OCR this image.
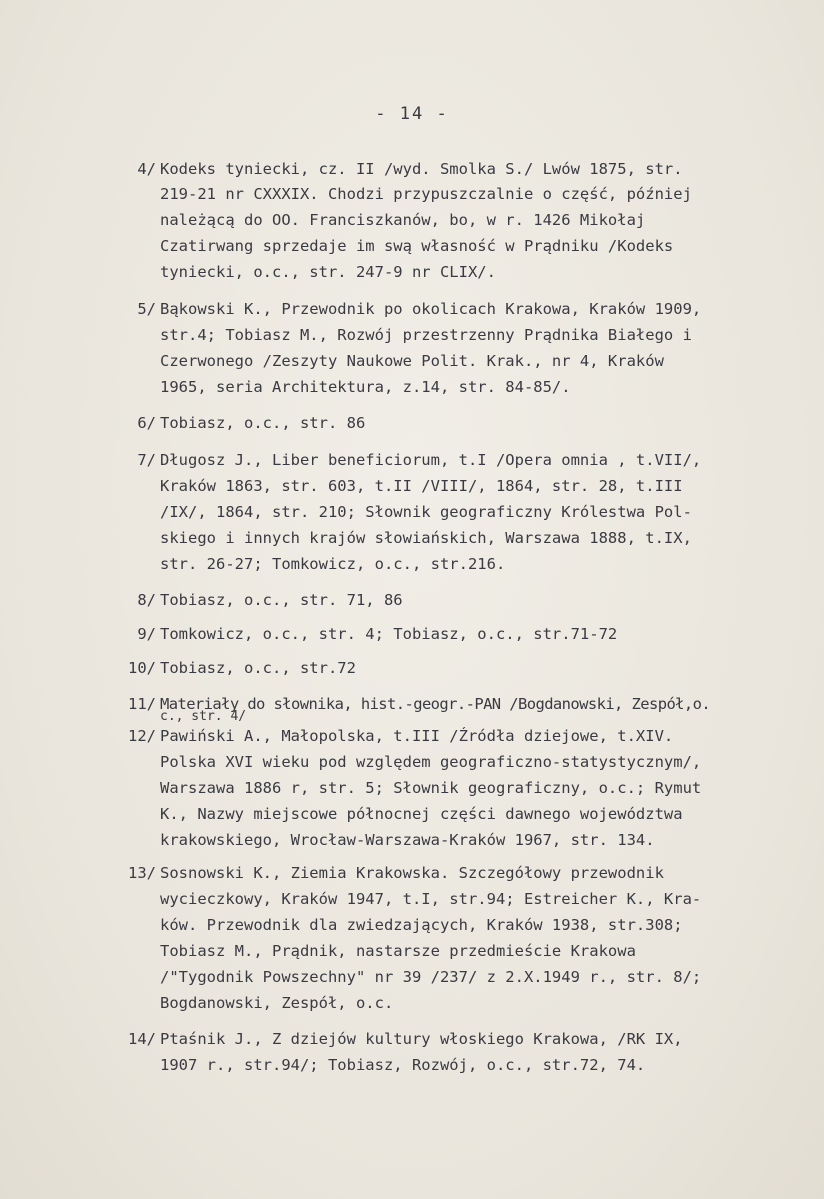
- 14 -
4/ Kodeks tyniecki, cz. II /wyd. Smolka S./ Lwów 1875, str.
219-21 nr CXXXIX. Chodzi przypuszczalnie o część, później
należącą do OO. Franciszkanów, bo, w r. 1426 Mikołaj
Czatirwang sprzedaje im swą własność w Prądniku /Kodeks
tyniecki, o.c., str. 247-9 nr CLIX/.
5/ Bąkowski K., Przewodnik po okolicach Krakowa, Kraków 1909,
str.4; Tobiasz M., Rozwój przestrzenny Prądnika Białego i
Czerwonego /Zeszyty Naukowe Polit. Krak., nr 4, Kraków
1965, seria Architektura, z.14, str. 84-85/.
6/ Tobiasz, o.c., str. 86
7/ Długosz J., Liber beneficiorum, t.I /Opera omnia , t.VII/,
Kraków 1863, str. 603, t.II /VIII/, 1864, str. 28, t.III
/IX/, 1864, str. 210; Słownik geograficzny Królestwa Pol-
skiego i innych krajów słowiańskich, Warszawa 1888, t.IX,
str. 26-27; Tomkowicz, o.c., str.216.
8/ Tobiasz, o.c., str. 71, 86
9/ Tomkowicz, o.c., str. 4; Tobiasz, o.c., str.71-72
10/ Tobiasz, o.c., str.72
11/ Materiały do słownika, hist.-geogr.-PAN /Bogdanowski, Zespół,o.
c., str. 4/
12/ Pawiński A., Małopolska, t.III /Źródła dziejowe, t.XIV.
Polska XVI wieku pod względem geograficzno-statystycznym/,
Warszawa 1886 r, str. 5; Słownik geograficzny, o.c.; Rymut
K., Nazwy miejscowe północnej części dawnego województwa
krakowskiego, Wrocław-Warszawa-Kraków 1967, str. 134.
13/ Sosnowski K., Ziemia Krakowska. Szczegółowy przewodnik
wycieczkowy, Kraków 1947, t.I, str.94; Estreicher K., Kra-
ków. Przewodnik dla zwiedzających, Kraków 1938, str.308;
Tobiasz M., Prądnik, nastarsze przedmieście Krakowa
/"Tygodnik Powszechny" nr 39 /237/ z 2.X.1949 r., str. 8/;
Bogdanowski, Zespół, o.c.
14/ Ptaśnik J., Z dziejów kultury włoskiego Krakowa, /RK IX,
1907 r., str.94/; Tobiasz, Rozwój, o.c., str.72, 74.
